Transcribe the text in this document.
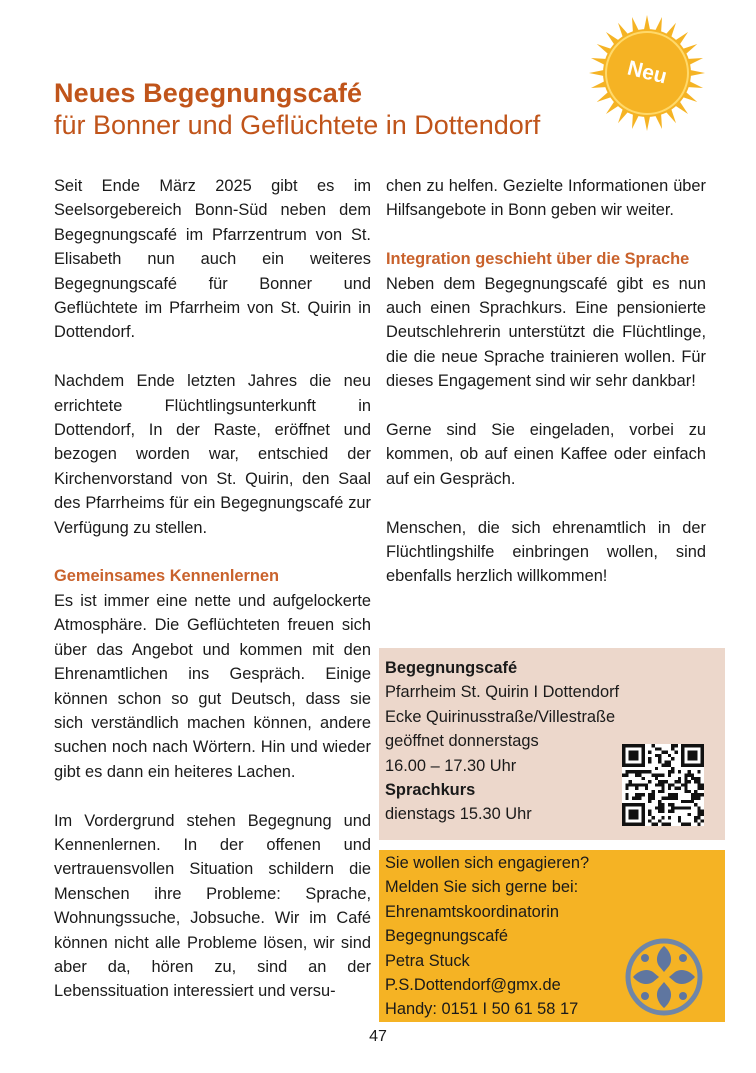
Neu
Neues Begegnungscafé
für Bonner und Geflüchtete in Dottendorf

Seit Ende März 2025 gibt es im Seelsorgebereich Bonn-Süd neben dem Begegnungscafé im Pfarrzentrum von St. Elisabeth nun auch ein weiteres Begegnungscafé für Bonner und Geflüchtete im Pfarrheim von St. Quirin in Dottendorf.

Nachdem Ende letzten Jahres die neu errichtete Flüchtlingsunterkunft in Dottendorf, In der Raste, eröffnet und bezogen worden war, entschied der Kirchenvorstand von St. Quirin, den Saal des Pfarrheims für ein Begegnungscafé zur Verfügung zu stellen.

Gemeinsames Kennenlernen

Es ist immer eine nette und aufgelockerte Atmosphäre. Die Geflüchteten freuen sich über das Angebot und kommen mit den Ehrenamtlichen ins Gespräch. Einige können schon so gut Deutsch, dass sie sich verständlich machen können, andere suchen noch nach Wörtern. Hin und wieder gibt es dann ein heiteres Lachen.

Im Vordergrund stehen Begegnung und Kennenlernen. In der offenen und vertrauensvollen Situation schildern die Menschen ihre Probleme: Sprache, Wohnungssuche, Jobsuche. Wir im Café können nicht alle Probleme lösen, wir sind aber da, hören zu, sind an der Lebenssituation interessiert und versu-

chen zu helfen. Gezielte Informationen über Hilfsangebote in Bonn geben wir weiter.

Integration geschieht über die Sprache

Neben dem Begegnungscafé gibt es nun auch einen Sprachkurs. Eine pensionierte Deutschlehrerin unterstützt die Flüchtlinge, die die neue Sprache trainieren wollen. Für dieses Engagement sind wir sehr dankbar!

Gerne sind Sie eingeladen, vorbei zu kommen, ob auf einen Kaffee oder einfach auf ein Gespräch.

Menschen, die sich ehrenamtlich in der Flüchtlingshilfe einbringen wollen, sind ebenfalls herzlich willkommen!

Begegnungscafé
Pfarrheim St. Quirin I Dottendorf
Ecke Quirinusstraße/Villestraße
geöffnet donnerstags
16.00 – 17.30 Uhr
Sprachkurs
dienstags 15.30 Uhr
Sie wollen sich engagieren?
Melden Sie sich gerne bei:
Ehrenamtskoordinatorin
Begegnungscafé
Petra Stuck
P.S.Dottendorf@gmx.de
Handy: 0151 I 50 61 58 17
47
